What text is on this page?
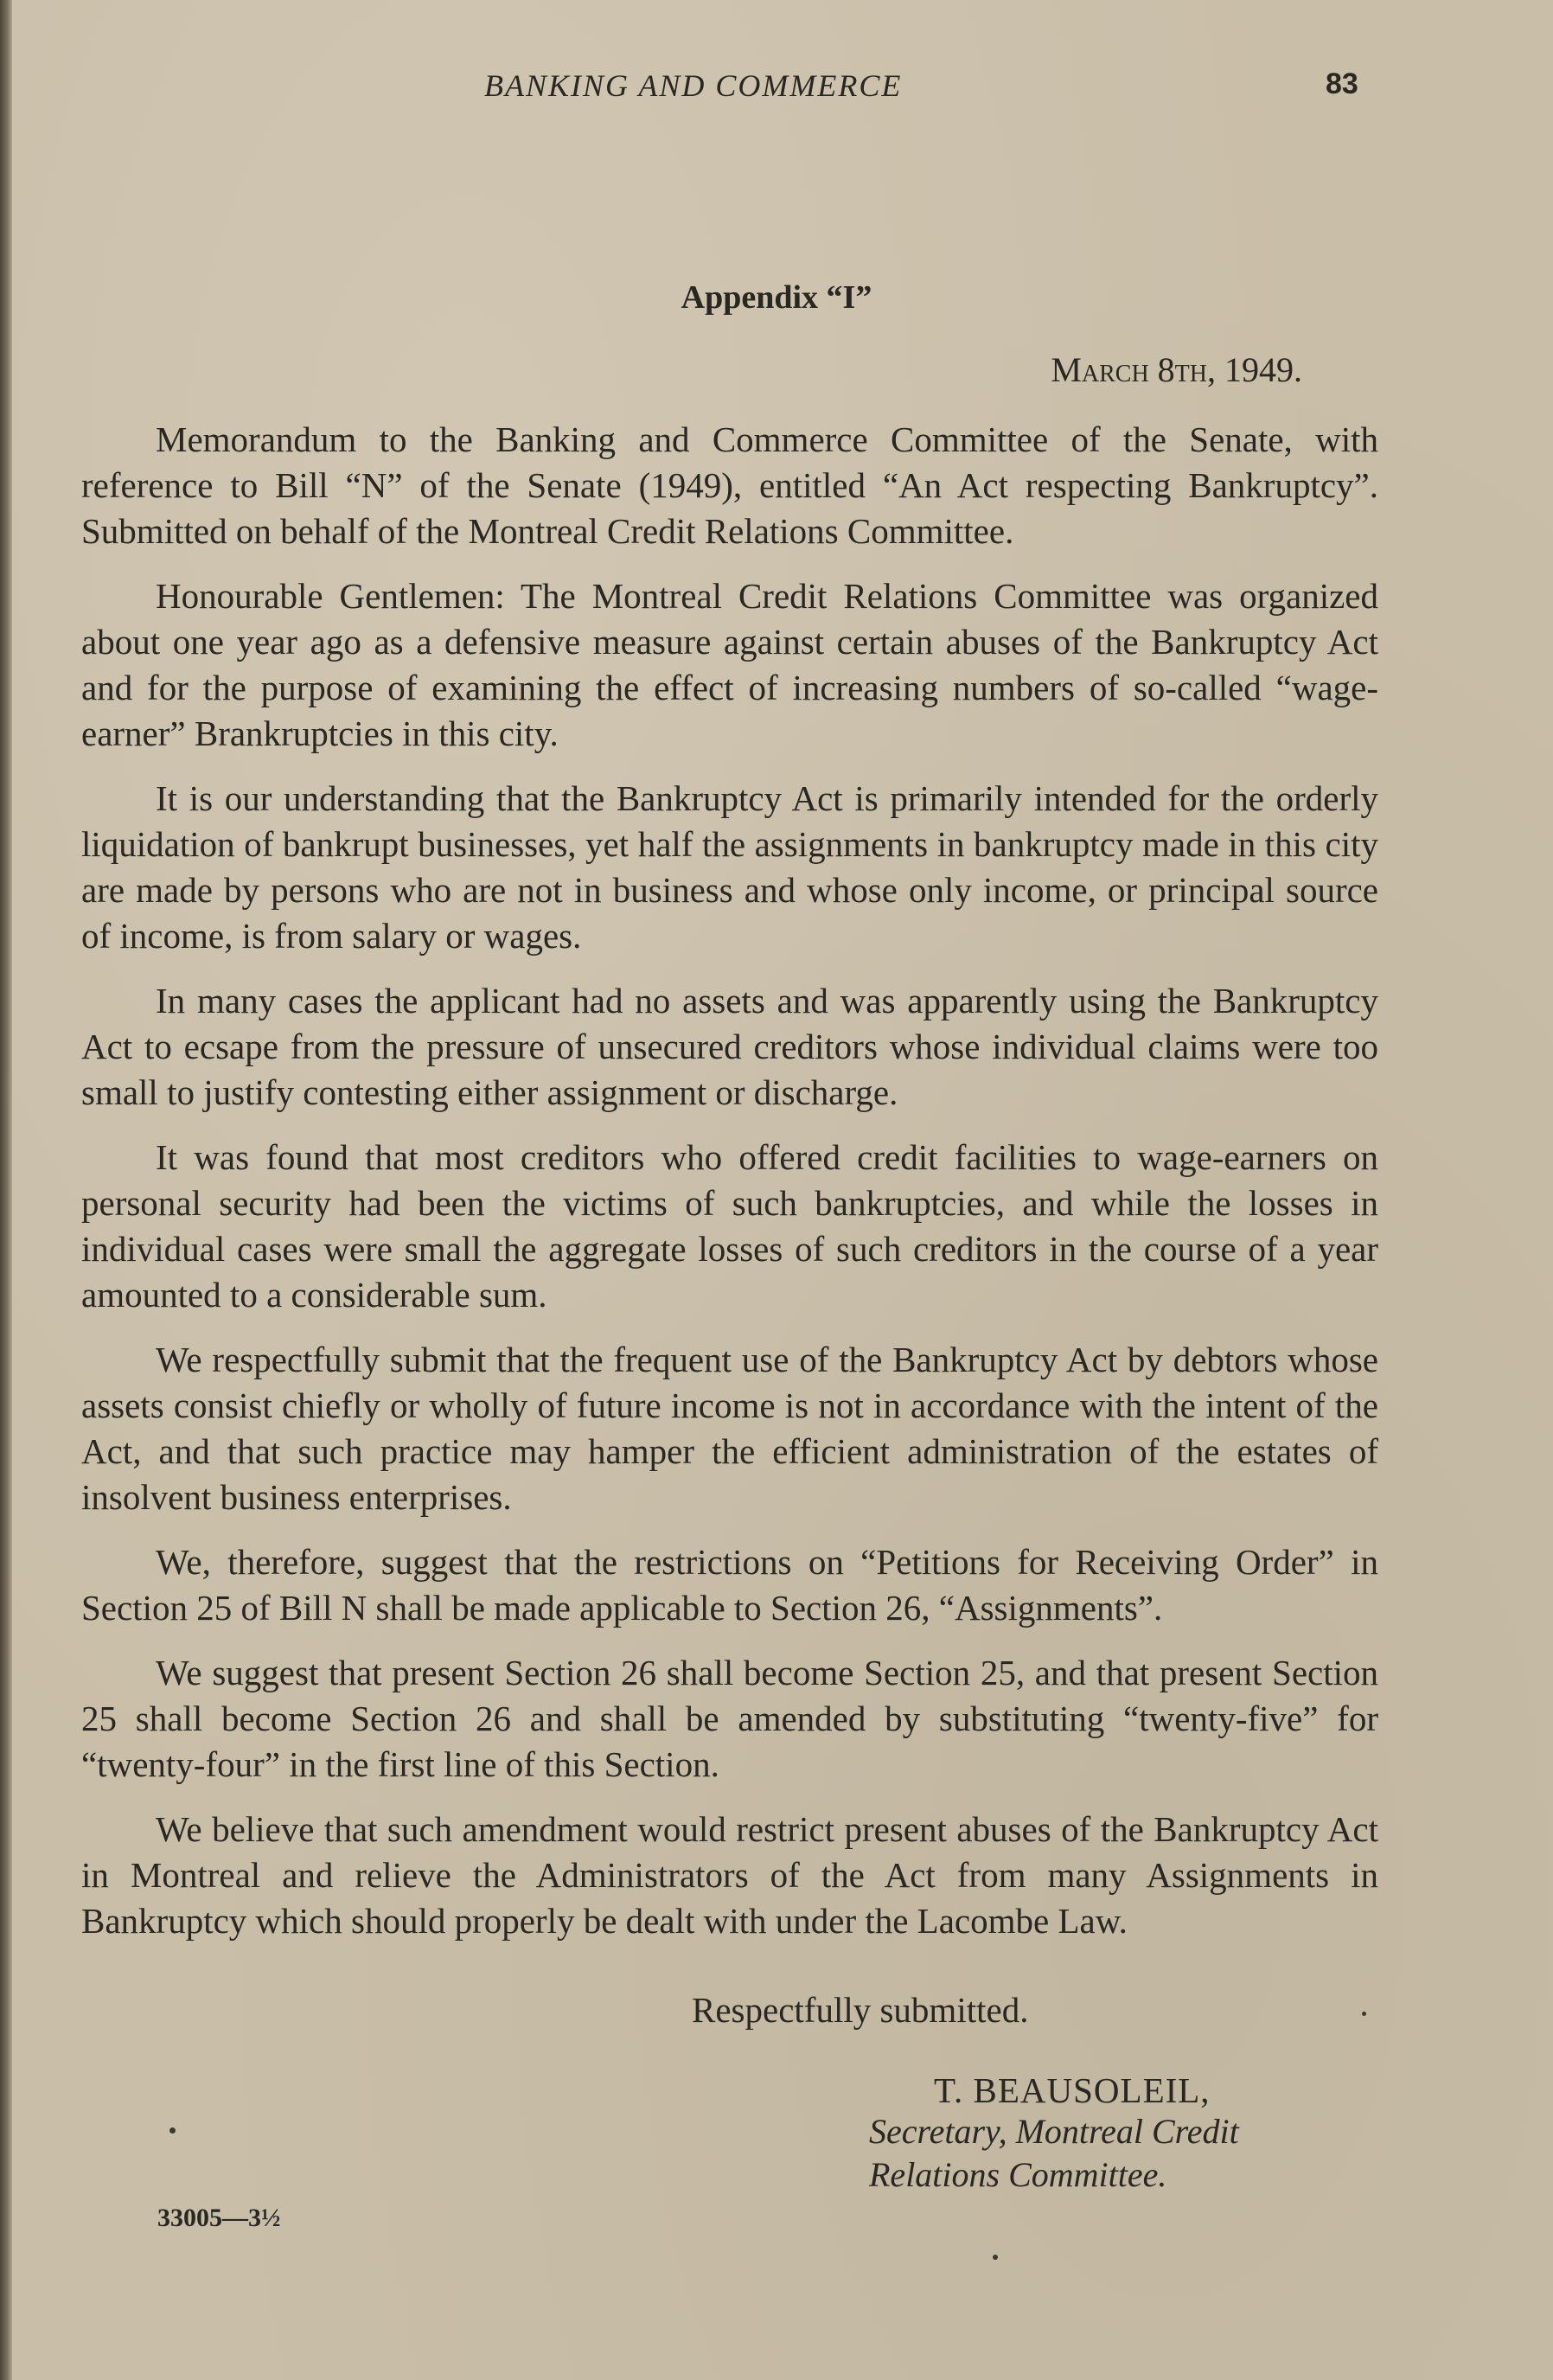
BANKING AND COMMERCE	83
Appendix “I”
March 8th, 1949.

Memorandum to the Banking and Commerce Committee of the Senate, with reference to Bill “N” of the Senate (1949), entitled “An Act respecting Bankruptcy”. Submitted on behalf of the Montreal Credit Relations Committee.

Honourable Gentlemen: The Montreal Credit Relations Committee was organized about one year ago as a defensive measure against certain abuses of the Bankruptcy Act and for the purpose of examining the effect of increasing numbers of so-called “wage-earner” Brankruptcies in this city.

It is our understanding that the Bankruptcy Act is primarily intended for the orderly liquidation of bankrupt businesses, yet half the assignments in bankruptcy made in this city are made by persons who are not in business and whose only income, or principal source of income, is from salary or wages.

In many cases the applicant had no assets and was apparently using the Bankruptcy Act to ecsape from the pressure of unsecured creditors whose individual claims were too small to justify contesting either assignment or discharge.

It was found that most creditors who offered credit facilities to wage-earners on personal security had been the victims of such bankruptcies, and while the losses in individual cases were small the aggregate losses of such creditors in the course of a year amounted to a considerable sum.

We respectfully submit that the frequent use of the Bankruptcy Act by debtors whose assets consist chiefly or wholly of future income is not in accordance with the intent of the Act, and that such practice may hamper the efficient administration of the estates of insolvent business enterprises.

We, therefore, suggest that the restrictions on “Petitions for Receiving Order” in Section 25 of Bill N shall be made applicable to Section 26, “Assignments”.

We suggest that present Section 26 shall become Section 25, and that present Section 25 shall become Section 26 and shall be amended by substituting “twenty-five” for “twenty-four” in the first line of this Section.

We believe that such amendment would restrict present abuses of the Bankruptcy Act in Montreal and relieve the Administrators of the Act from many Assignments in Bankruptcy which should properly be dealt with under the Lacombe Law.

Respectfully submitted.
T. BEAUSOLEIL,
Secretary, Montreal Credit
Relations Committee.
33005—3½
